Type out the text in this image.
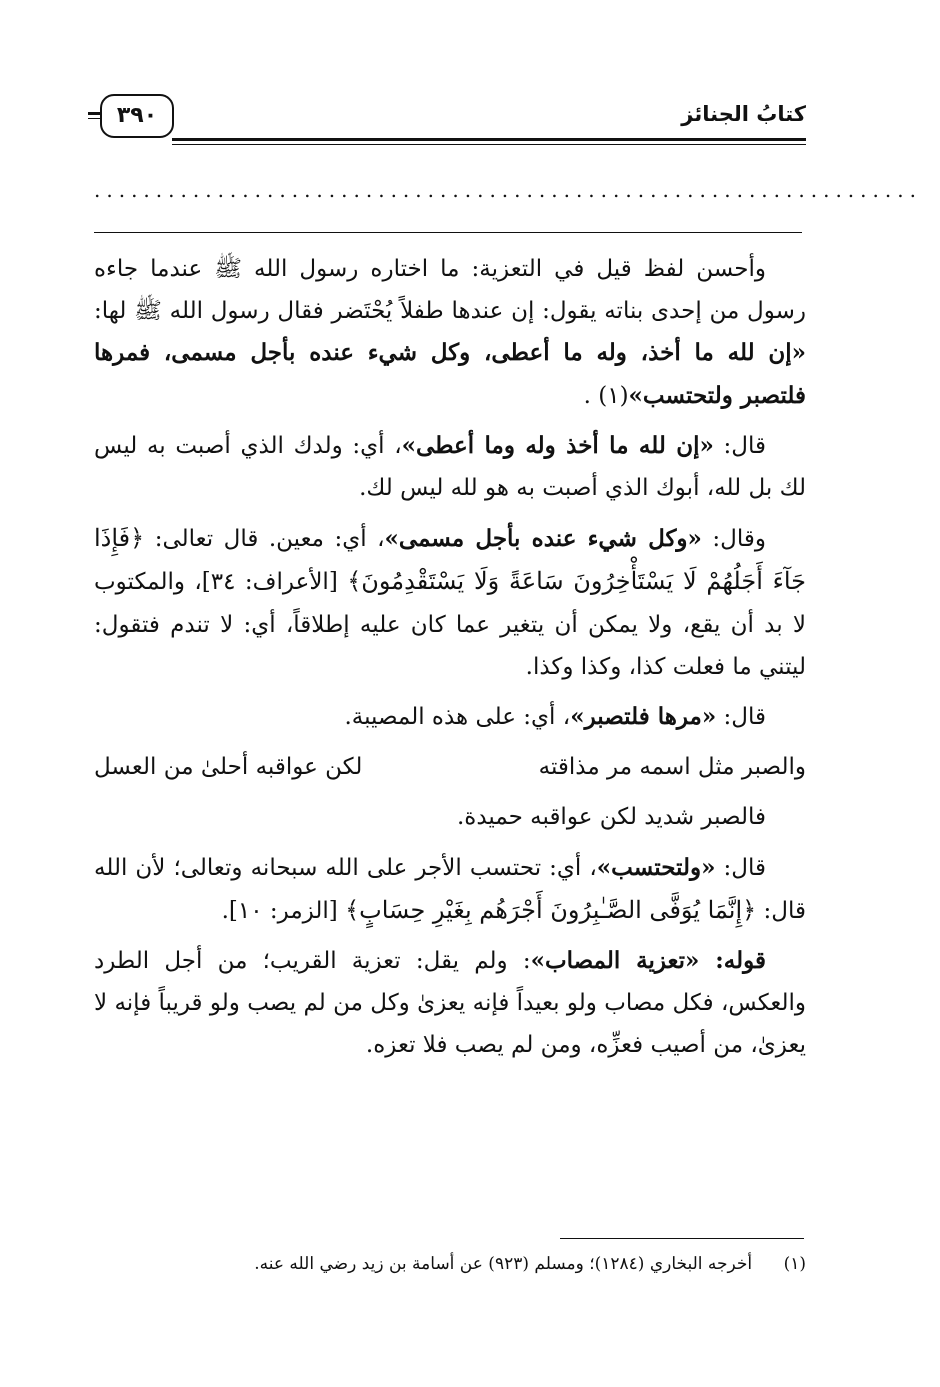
كتابُ الجنائز
٣٩٠
...................................................................

وأحسن لفظ قيل في التعزية: ما اختاره رسول الله ﷺ عندما جاءه رسول من إحدى بناته يقول: إن عندها طفلاً يُحْتَضر فقال رسول الله ﷺ لها: «إن لله ما أخذ، وله ما أعطى، وكل شيء عنده بأجل مسمى، فمرها فلتصبر ولتحتسب»(١) .

قال: «إن لله ما أخذ وله وما أعطى»، أي: ولدك الذي أصبت به ليس لك بل لله، أبوك الذي أصبت به هو لله ليس لك.

وقال: «وكل شيء عنده بأجل مسمى»، أي: معين. قال تعالى: ﴿فَإِذَا جَآءَ أَجَلُهُمْ لَا يَسْتَأْخِرُونَ سَاعَةً وَلَا يَسْتَقْدِمُونَ﴾ [الأعراف: ٣٤]، والمكتوب لا بد أن يقع، ولا يمكن أن يتغير عما كان عليه إطلاقاً، أي: لا تندم فتقول: ليتني ما فعلت كذا، وكذا وكذا.

قال: «مرها فلتصبر»، أي: على هذه المصيبة.

والصبر مثل اسمه مر مذاقته
لكن عواقبه أحلىٰ من العسل

فالصبر شديد لكن عواقبه حميدة.

قال: «ولتحتسب»، أي: تحتسب الأجر على الله سبحانه وتعالى؛ لأن الله قال: ﴿إِنَّمَا يُوَفَّى الصَّـٰبِرُونَ أَجْرَهُم بِغَيْرِ حِسَابٍ﴾ [الزمر: ١٠].

قوله: «تعزية المصاب»: ولم يقل: تعزية القريب؛ من أجل الطرد والعكس، فكل مصاب ولو بعيداً فإنه يعزىٰ وكل من لم يصب ولو قريباً فإنه لا يعزىٰ، من أصيب فعزِّه، ومن لم يصب فلا تعزه.

(١) أخرجه البخاري (١٢٨٤)؛ ومسلم (٩٢٣) عن أسامة بن زيد رضي الله عنه.
